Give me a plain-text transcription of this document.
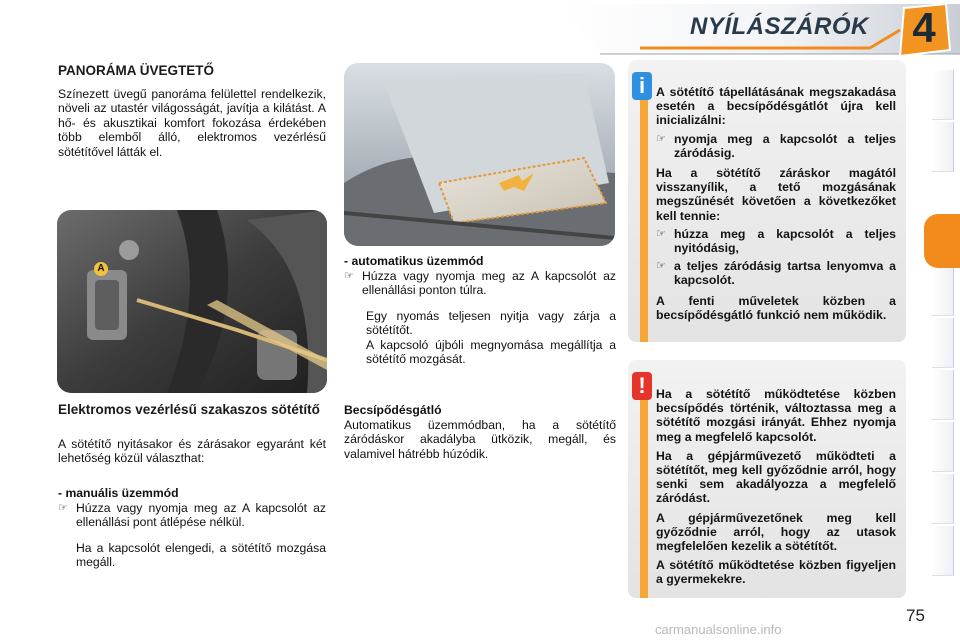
NYÍLÁSZÁRÓK	4
PANORÁMA ÜVEGTETŐ
Színezett üvegű panoráma felülettel rendelkezik, növeli az utastér világosságát, javítja a kilátást. A hő- és akusztikai komfort fokozása érdekében több elemből álló, elektromos vezérlésű sötétítővel látták el.
A
Elektromos vezérlésű szakaszos sötétítő
A sötétítő nyitásakor és zárásakor egyaránt két lehetőség közül választhat:
- manuális üzemmód
☞ Húzza vagy nyomja meg az A kapcsolót az ellenállási pont átlépése nélkül.
Ha a kapcsolót elengedi, a sötétítő mozgása megáll.
- automatikus üzemmód
☞ Húzza vagy nyomja meg az A kapcsolót az ellenállási ponton túlra.
Egy nyomás teljesen nyitja vagy zárja a sötétítőt.
A kapcsoló újbóli megnyomása megállítja a sötétítő mozgását.
Becsípődésgátló
Automatikus üzemmódban, ha a sötétítő záródáskor akadályba ütközik, megáll, és valamivel hátrébb húzódik.
i A sötétítő tápellátásának megszakadása esetén a becsípődésgátlót újra kell inicializálni:
☞ nyomja meg a kapcsolót a teljes záródásig.
Ha a sötétítő záráskor magától visszanyílik, a tető mozgásának megszűnését követően a következőket kell tennie:
☞ húzza meg a kapcsolót a teljes nyitódásig,
☞ a teljes záródásig tartsa lenyomva a kapcsolót.
A fenti műveletek közben a becsípődésgátló funkció nem működik.
! Ha a sötétítő működtetése közben becsípődés történik, változtassa meg a sötétítő mozgási irányát. Ehhez nyomja meg a megfelelő kapcsolót.
Ha a gépjárművezető működteti a sötétítőt, meg kell győződnie arról, hogy senki sem akadályozza a megfelelő záródást.
A gépjárművezetőnek meg kell győződnie arról, hogy az utasok megfelelően kezelik a sötétítőt.
A sötétítő működtetése közben figyeljen a gyermekekre.
75
carmanualsonline.info
